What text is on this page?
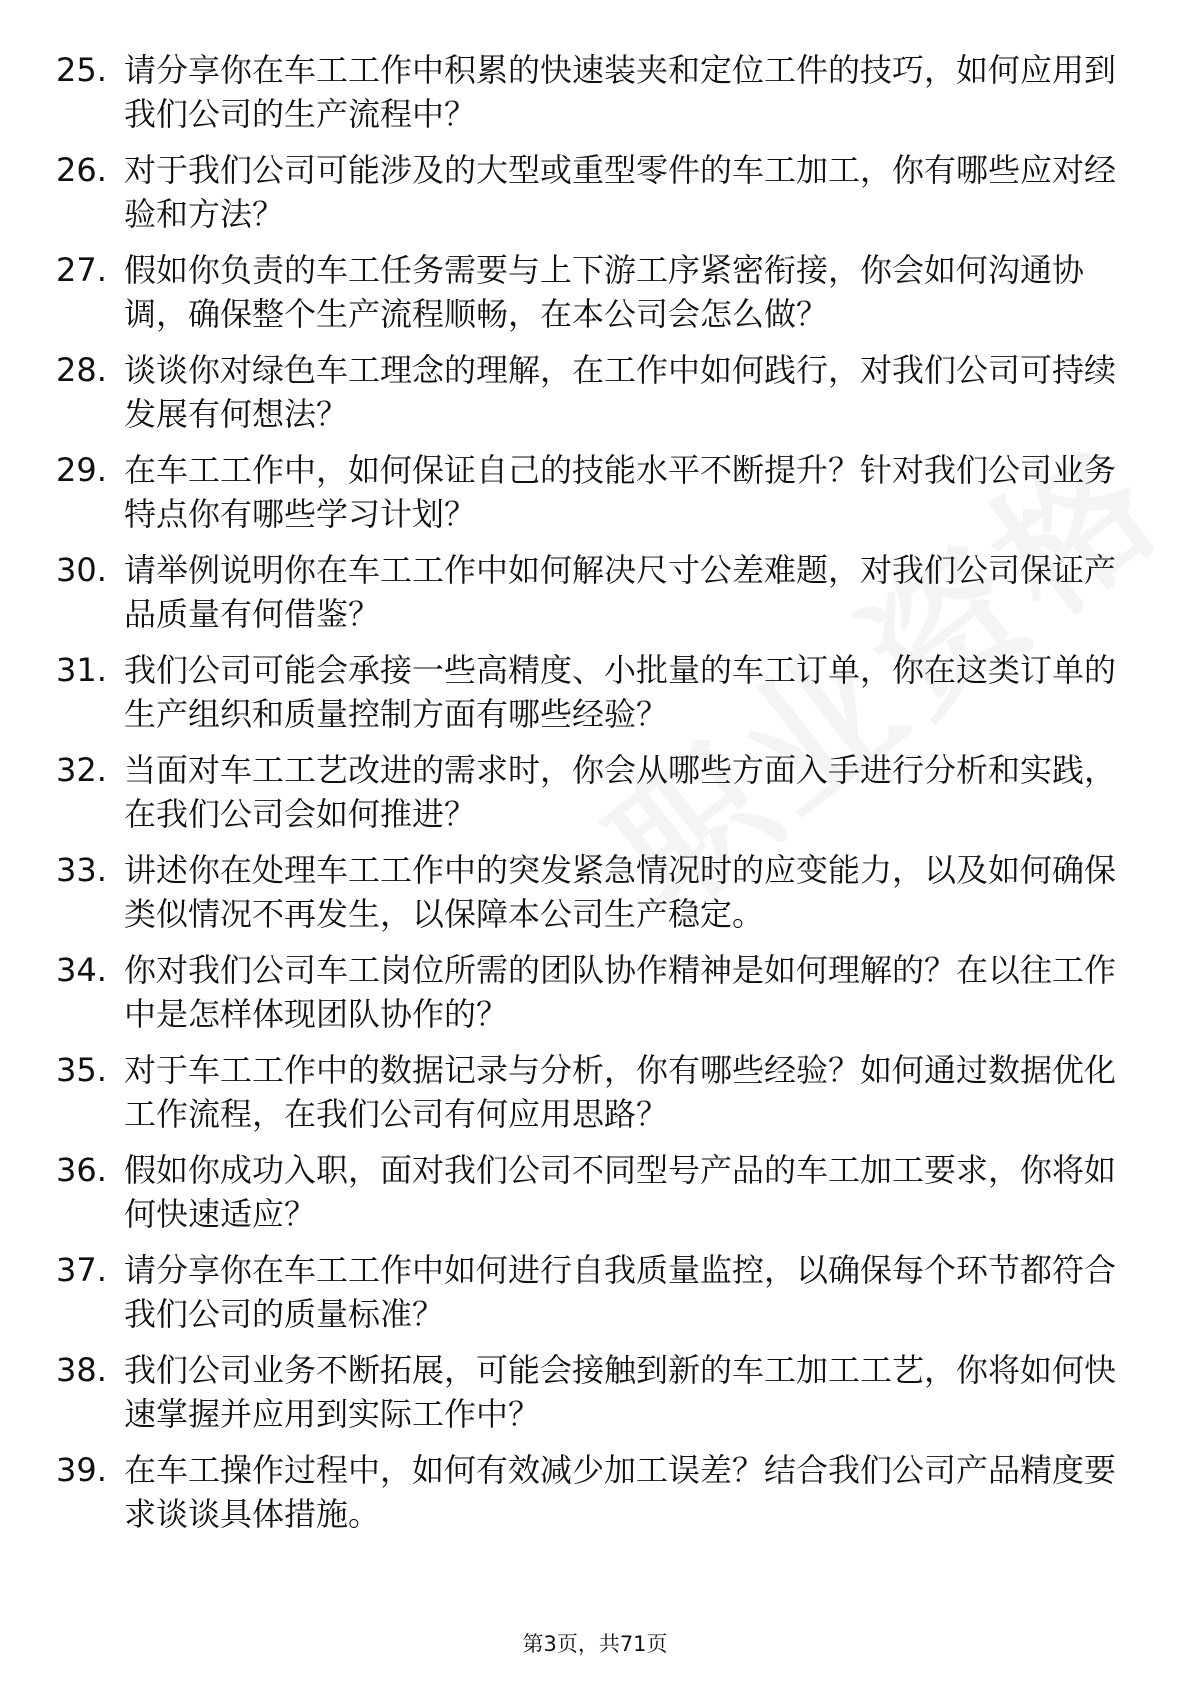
25. 请分享你在车工工作中积累的快速装夹和定位工件的技巧，如何应用到我们公司的生产流程中？
26. 对于我们公司可能涉及的大型或重型零件的车工加工，你有哪些应对经验和方法？
27. 假如你负责的车工任务需要与上下游工序紧密衔接，你会如何沟通协调，确保整个生产流程顺畅，在本公司会怎么做？
28. 谈谈你对绿色车工理念的理解，在工作中如何践行，对我们公司可持续发展有何想法？
29. 在车工工作中，如何保证自己的技能水平不断提升？针对我们公司业务特点你有哪些学习计划？
30. 请举例说明你在车工工作中如何解决尺寸公差难题，对我们公司保证产品质量有何借鉴？
31. 我们公司可能会承接一些高精度、小批量的车工订单，你在这类订单的生产组织和质量控制方面有哪些经验？
32. 当面对车工工艺改进的需求时，你会从哪些方面入手进行分析和实践，在我们公司会如何推进？
33. 讲述你在处理车工工作中的突发紧急情况时的应变能力，以及如何确保类似情况不再发生，以保障本公司生产稳定。
34. 你对我们公司车工岗位所需的团队协作精神是如何理解的？在以往工作中是怎样体现团队协作的？
35. 对于车工工作中的数据记录与分析，你有哪些经验？如何通过数据优化工作流程，在我们公司有何应用思路？
36. 假如你成功入职，面对我们公司不同型号产品的车工加工要求，你将如何快速适应？
37. 请分享你在车工工作中如何进行自我质量监控，以确保每个环节都符合我们公司的质量标准？
38. 我们公司业务不断拓展，可能会接触到新的车工加工工艺，你将如何快速掌握并应用到实际工作中？
39. 在车工操作过程中，如何有效减少加工误差？结合我们公司产品精度要求谈谈具体措施。
第3页，共71页
